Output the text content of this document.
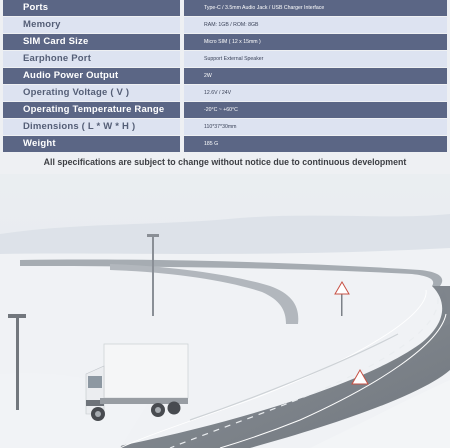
Ports	Type-C / 3.5mm Audio Jack / USB Charger Interface
Memory	RAM: 1GB / ROM: 8GB
SIM Card Size	Micro SIM ( 12 x 15mm )
Earphone Port	Support External Speaker
Audio Power Output	2W
Operating Voltage ( V )	12.6V / 24V
Operating Temperature Range	-20°C ~ +60°C
Dimensions ( L * W * H )	110*37*30mm
Weight	185 G
All specifications are subject to change without notice due to continuous development
